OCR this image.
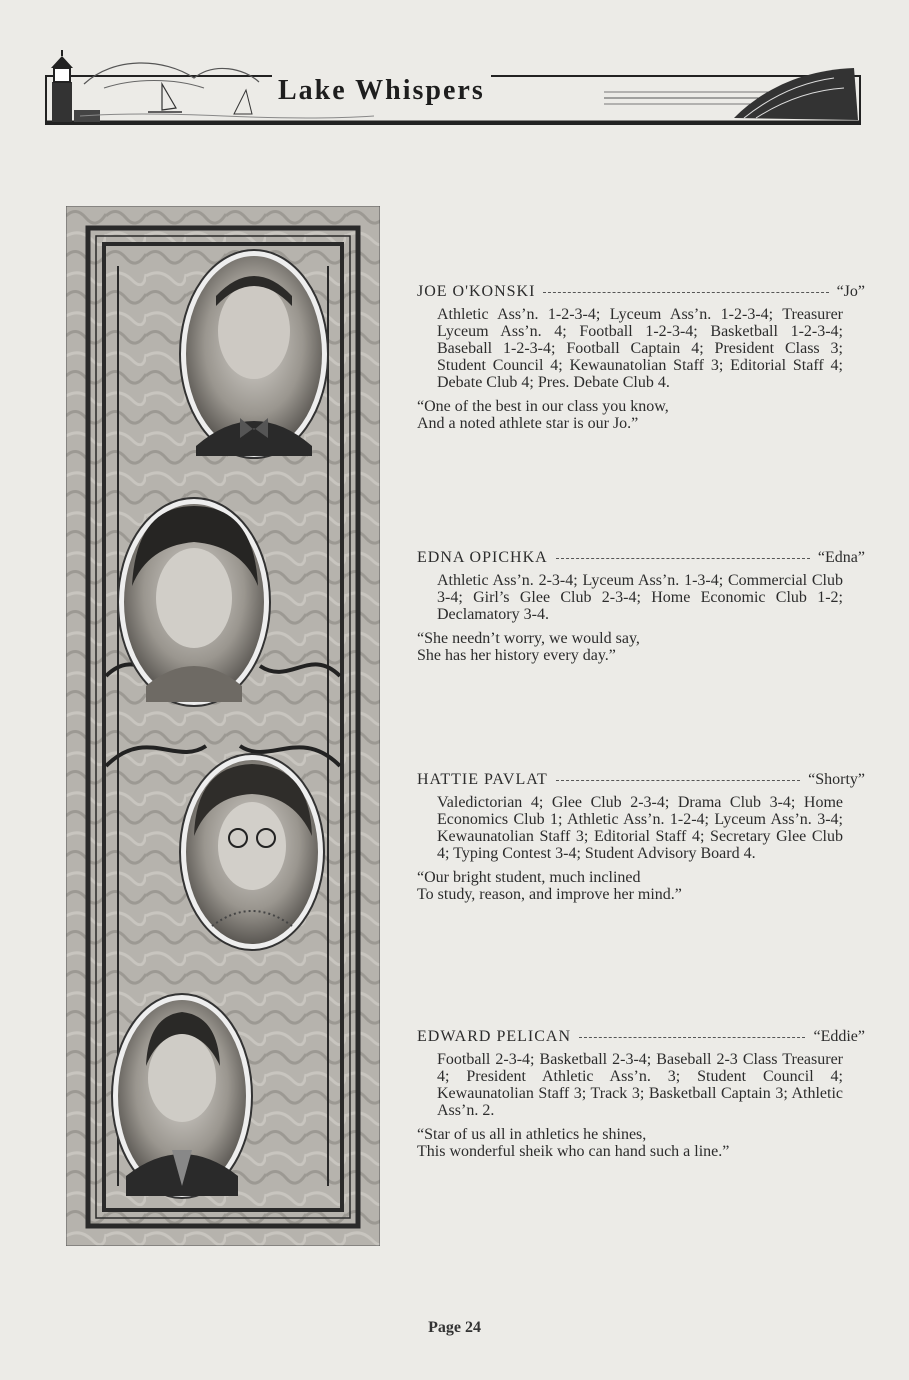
Lake Whispers
JOE O'KONSKI	“Jo”
Athletic Ass’n. 1-2-3-4; Lyceum Ass’n. 1-2-3-4; Treasurer Lyceum Ass’n. 4; Football 1-2-3-4; Basketball 1-2-3-4; Baseball 1-2-3-4; Football Captain 4; President Class 3; Student Council 4; Kewaunatolian Staff 3; Editorial Staff 4; Debate Club 4; Pres. Debate Club 4.
“One of the best in our class you know,
And a noted athlete star is our Jo.”
EDNA OPICHKA	“Edna”
Athletic Ass’n. 2-3-4; Lyceum Ass’n. 1-3-4; Commercial Club 3-4; Girl’s Glee Club 2-3-4; Home Economic Club 1-2; Declamatory 3-4.
“She needn’t worry, we would say,
She has her history every day.”
HATTIE PAVLAT	“Shorty”
Valedictorian 4; Glee Club 2-3-4; Drama Club 3-4; Home Economics Club 1; Athletic Ass’n. 1-2-4; Lyceum Ass’n. 3-4; Kewaunatolian Staff 3; Editorial Staff 4; Secretary Glee Club 4; Typing Contest 3-4; Student Advisory Board 4.
“Our bright student, much inclined
To study, reason, and improve her mind.”
EDWARD PELICAN	“Eddie”
Football 2-3-4; Basketball 2-3-4; Baseball 2-3 Class Treasurer 4; President Athletic Ass’n. 3; Student Council 4; Kewaunatolian Staff 3; Track 3; Basketball Captain 3; Athletic Ass’n. 2.
“Star of us all in athletics he shines,
This wonderful sheik who can hand such a line.”
Page 24
